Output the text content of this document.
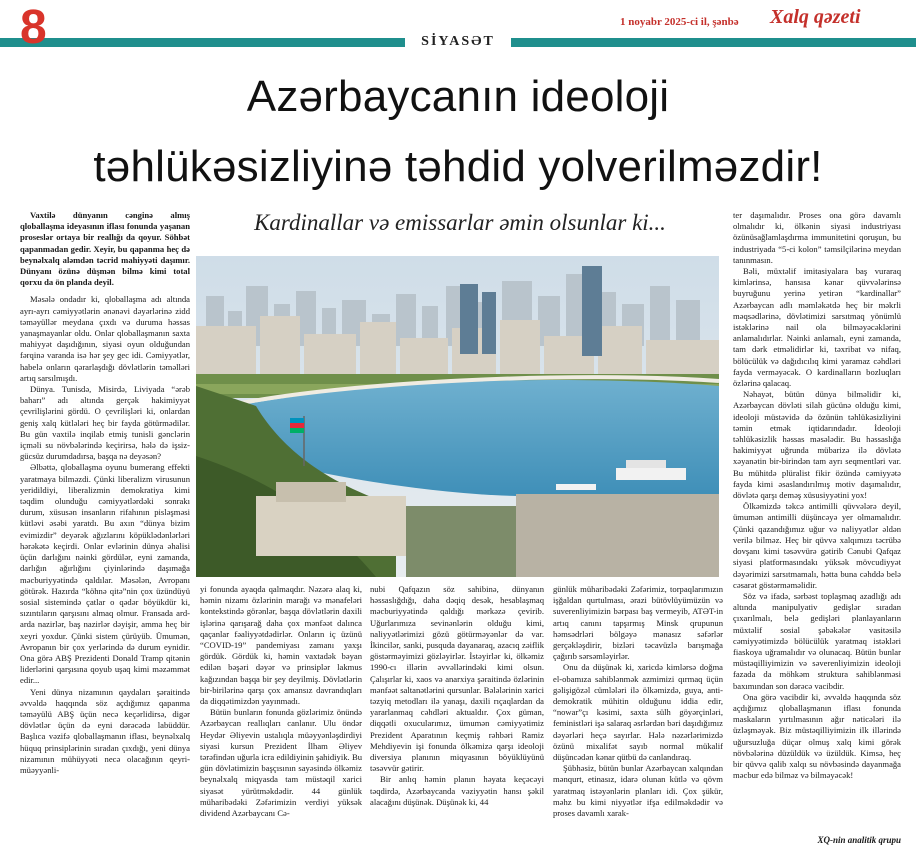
8	SİYASƏT
1 noyabr 2025-ci il, şənbə Xalq qəzeti
Azərbaycanın ideoloji
təhlükəsizliyinə təhdid yolverilməzdir!
Kardinallar və emissarlar əmin olsunlar ki...

Vaxtilə dünyanın cənginə almış qloballaşma ideyasının iflası fonunda yaşanan proseslər ortaya bir reallığı da qoyur. Söhbət qapanmadan gedir. Xeyir, bu qapanma heç də beynəlxalq aləmdən təcrid mahiyyəti daşımır. Dünyanı özünə düşmən bilmə kimi total qorxu da ön planda deyil.

Məsələ ondadır ki, qloballaşma adı altında ayrı-ayrı cəmiyyətlərin ənənəvi dəyərlərinə zidd təməyüllər meydana çıxdı və duruma həssas yanaşmayanlar oldu. Onlar qloballaşmanın saxta mahiyyət daşıdığının, siyasi oyun olduğundan fərqinə varanda isə hər şey gec idi. Cəmiyyətlər, habelə onların qərarlaşdığı dövlətlərin təməlləri artıq sarsılmışdı.

Dünya. Tunisdə, Misirdə, Liviyada “ərəb baharı” adı altında gerçək hakimiyyət çevrilişlərini gördü. O çevrilişləri ki, onlardan geniş xalq kütlələri heç bir fayda götürmədilər. Bu gün vaxtilə inqilab etmiş tunisli gənclərin içməli su növbələrində keçirirsə, hələ də işsiz-gücsüz durumdadırsa, başqa nə deyəsən?

Əlbəttə, qloballaşma oyunu bumerang effekti yaratmaya bilməzdi. Çünki liberalizm virusunun yeridildiyi, liberalizmin demokratiya kimi təqdim olunduğu cəmiyyətlərdəki sonrakı durum, xüsusən insanların rifahının pisləşməsi kütləvi əsəbi yaratdı. Bu axın “dünya bizim evimizdir” deyərək ağızlarını köpüklədənlərləri hərəkətə keçirdi. Onlar evlərinin dünya əhalisi üçün darlığını nəinki gördülər, eyni zamanda, darlığın ağırlığını çiyinlərində daşımağa məcburiyyətində qaldılar. Məsələn, Avropanı götürək. Hazırda “köhnə qitə”nin çox üzündüyü sosial sistemində çatlar o qədər böyükdür ki, sızıntıların qarşısını almaq olmur. Fransada ard-arda nazirlər, baş nazirlər dəyişir, amma heç bir xeyri yoxdur. Çünki sistem çürüyüb. Ümumən, Avropanın bir çox yerlərində də durum eynidir. Ona görə ABŞ Prezidenti Donald Tramp qitənin liderlərini qarşısına qoyub uşaq kimi məzəmmət edir...

Yeni dünya nizamının qaydaları şəraitində əvvəldə haqqında söz açdığımız qapanma təməyülü ABŞ üçün necə keçərlidirsə, digər dövlətlər üçün də eyni dərəcədə labüddür. Başlıca vəzifə qloballaşmanın iflası, beynəlxalq hüquq prinsiplərinin sıradan çıxdığı, yeni dünya nizamının mühüyyəti necə olacağının qeyri-müəyyənli-

yi fonunda ayaqda qalmaqdır. Nəzərə alaq ki, həmin nizamı özlərinin marağı və mənafeləri kontekstində görənlər, başqa dövlətlərin daxili işlərinə qarışarağ daha çox mənfəət dalınca qaçanlar fəaliyyətdədirlər. Onların iç üzünü “COVID-19” pandemiyası zamanı yaxşı gördük. Gördük ki, həmin vaxtadək bəyan edilən bəşəri dəyər və prinsiplər lakmus kağızından başqa bir şey deyilmiş. Dövlətlərin bir-birilərinə qarşı çox amansız davrandıqları da diqqətimizdən yayınmadı.

Bütün bunların fonunda gözlərimiz önündə Azərbaycan reallıqları canlanır. Ulu öndər Heydər Əliyevin ustalıqla müəyyənləşdirdiyi siyasi kursun Prezident İlham Əliyev tərəfindən uğurla icra edildiyinin şahidiyik. Bu gün dövlətimizin başçısının sayəsində ölkəmiz beynəlxalq miqyasda tam müstəqil xarici siyasət yürütməkdədir. 44 günlük müharibədəki Zəfərimizin verdiyi yüksək dividend Azərbaycanı Cə-

nubi Qafqazın söz sahibinə, dünyanın həssaslığdığı, daha dəqiq desək, hesablaşmaq məcburiyyətində qaldığı mərkəzə çevirib. Uğurlarımıza sevinənlərin olduğu kimi, naliyyətlərimizi gözü götürməyənlər də var. İkincilər, sanki, pusquda dayanaraq, azacıq zəiflik göstərməyimizi gözləyirlər. İstəyirlər ki, ölkəmiz 1990-cı illərin əvvəllərindəki kimi olsun. Çalışırlar ki, xaos və anarxiya şəraitində özlərinin mənfəət saltanətlərini qursunlar. Bələlərinin xarici təzyiq metodları ilə yanaşı, daxili rıçaqlardan da yararlanmaq cəhdləri aktualdır. Çox güman, diqqətli oxucularımız, ümumən cəmiyyətimiz Prezident Aparatının keçmiş rəhbəri Ramiz Mehdiyevin işi fonunda ölkəmizə qarşı ideoloji diversiya planının miqyasının böyüklüyünü təsəvvür gətirir.

Bir anlıq həmin planın həyata keçəcəyi təqdirdə, Azərbaycanda vəziyyətin hansı şəkil alacağını düşünək. Düşünək ki, 44

günlük müharibədəki Zəfərimiz, torpaqlarımızın işğaldan qurtulması, ərazi bütövlüyümüzün və suverenliyimizin bərpası baş vermeyib, ATƏT-in artıq canını tapşırmış Minsk qrupunun həmsədrləri bölgəyə mənasız səfərlər gerçəkləşdirir, bizləri təcavüzlə barışmağa çağırıb sərsəmləyirlər.

Onu da düşünək ki, xaricdə kimlərsə doğma el-obamıza sahiblənmək azmimizi qırmaq üçün gəlişigözəl cümlələri ilə ölkəmizdə, guya, anti-demokratik mühitin olduğunu iddia edir, “nowar”çı kəsimi, saxta sülh göyərçinləri, feministləri işə salaraq əsrlərdən bəri daşıdığımız dəyərləri heçə sayırlar. Hələ nəzərlərimizdə özünü mixalifət sayıb normal mükalif düşüncədən kənar qütbü də canlandıraq.

Şübhəsiz, bütün bunlar Azərbaycan xalqından mənqurt, etinasız, idarə olunan kütlə və qövm yaratmaq istəyənlərin planları idi. Çox şükür, məhz bu kimi niyyətlər ifşa edilməkdədir və proses davamlı xarak-

ter daşımalıdır. Proses ona görə davamlı olmalıdır ki, ölkənin siyasi industriyası özünüsağlamlaşdırma immunitetini qoruşun, bu industriyada “5-ci kolon” təmsilçilərinə meydan tanınmasın.

Bəli, müxtəlif imitasiyalara baş vuraraq kimlərinsə, hansısa kənar qüvvələrinsə buyruğunu yerinə yetirən “kardinallar” Azərbaycan adlı məmləkətdə heç bir məkrli məqsədlərinə, dövlətimizi sarsıtmaq yönümlü istəklərinə nail ola bilməyəcəklərini anlamalıdırlar. Nəinki anlamalı, eyni zamanda, tam dərk etməlidirlər ki, təxribat və nifaq, bölücülük və dağıdıcılıq kimi yaramaz cəhdləri fayda verməyəcək. O kardinalların bozluqları özlərinə qalacaq.

Nəhayət, bütün dünya bilməlidir ki, Azərbaycan dövləti silah gücünə olduğu kimi, ideoloji müstəvidə də özünün təhlükəsizliyini təmin etmək iqtidarındadır. İdeoloji təhlükəsizlik həssas məsələdir. Bu həssaslığa hakimiyyət uğrunda mübarizə ilə dövlətə xəyanətin bir-birindən tam ayrı seqmentləri var. Bu mühitdə plüralist fikir özündə cəmiyyətə fayda kimi əsaslandırılmış motiv daşımalıdır, dövlətə qarşı deməş xüsusiyyətini yox!

Ölkəmizdə təkcə antimilli qüvvələrə deyil, ümumən antimilli düşüncəyə yer olmamalıdır. Çünki qazandığımız uğur və naliyyətlər əldən verilə bilməz. Heç bir qüvvə xalqımızı təcrübə dovşanı kimi təsəvvürə gətirib Cənubi Qafqaz siyasi platformasındakı yüksək mövcudiyyət dəyərimizi sarsıtmamalı, hətta buna cəhddə belə cəsarət göstərməməlidir.

Söz və ifadə, sərbəst toplaşmaq azadlığı adı altında manipulyativ gedişlər sıradan çıxarılmalı, belə gedişləri planlayanların müxtəlif sosial şəbəkələr vasitəsilə cəmiyyətimizdə bölücülük yaratmaq istəkləri fiaskoya uğramalıdır və olunacaq. Bütün bunlar müstəqilliyimizin və səverenliyimizin ideoloji fazada da möhkəm struktura sahiblənməsi baxımından son dərəcə vacibdir.

Ona görə vacibdir ki, əvvəldə haqqında söz açdığımız qloballaşmanın iflası fonunda maskaların yırtılmasının ağır nəticələri ilə üzləşməyək. Biz müstəqilliyimizin ilk illərində uğursuzluğa düçar olmuş xalq kimi görək növbələrinə düzüldük və üzüldük. Kimsə, heç bir qüvvə qalib xalqı su növbəsində dayanmağa məcbur edə bilməz və bilməyəcək!

XQ-nin analitik qrupu
